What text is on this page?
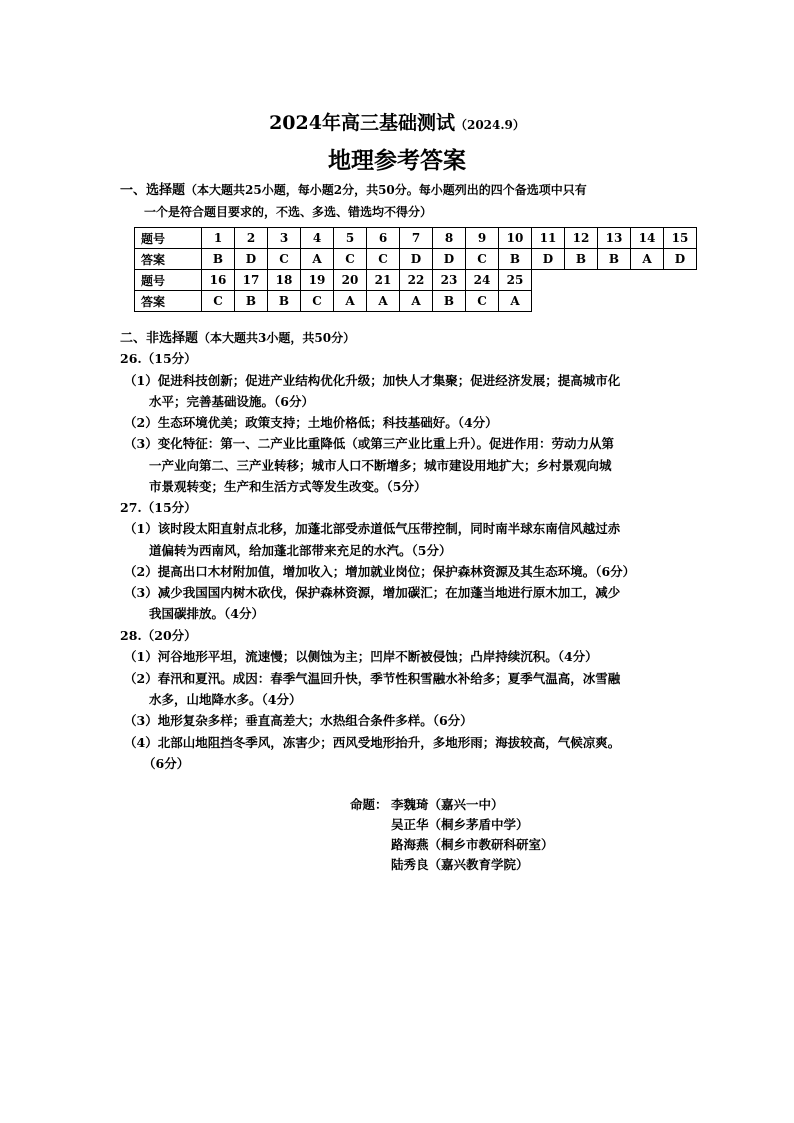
2024年高三基础测试（2024.9）
地理参考答案
一、选择题（本大题共25小题，每小题2分，共50分。每小题列出的四个备选项中只有
一个是符合题目要求的，不选、多选、错选均不得分）
题号	1	2	3	4	5	6	7	8	9	10	11	12	13	14	15
答案	B	D	C	A	C	C	D	D	C	B	D	B	B	A	D
题号	16	17	18	19	20	21	22	23	24	25
答案	C	B	B	C	A	A	A	B	C	A
二、非选择题（本大题共3小题，共50分）
26.（15分）
（1）促进科技创新；促进产业结构优化升级；加快人才集聚；促进经济发展；提高城市化
水平；完善基础设施。（6分）
（2）生态环境优美；政策支持；土地价格低；科技基础好。（4分）
（3）变化特征：第一、二产业比重降低（或第三产业比重上升）。促进作用：劳动力从第
一产业向第二、三产业转移；城市人口不断增多；城市建设用地扩大；乡村景观向城
市景观转变；生产和生活方式等发生改变。（5分）
27.（15分）
（1）该时段太阳直射点北移，加蓬北部受赤道低气压带控制，同时南半球东南信风越过赤
道偏转为西南风，给加蓬北部带来充足的水汽。（5分）
（2）提高出口木材附加值，增加收入；增加就业岗位；保护森林资源及其生态环境。（6分）
（3）减少我国国内树木砍伐，保护森林资源，增加碳汇；在加蓬当地进行原木加工，减少
我国碳排放。（4分）
28.（20分）
（1）河谷地形平坦，流速慢；以侧蚀为主；凹岸不断被侵蚀；凸岸持续沉积。（4分）
（2）春汛和夏汛。成因：春季气温回升快，季节性积雪融水补给多；夏季气温高，冰雪融
水多，山地降水多。（4分）
（3）地形复杂多样；垂直高差大；水热组合条件多样。（6分）
（4）北部山地阻挡冬季风，冻害少；西风受地形抬升，多地形雨；海拔较高，气候凉爽。
（6分）
命题： 李魏琦（嘉兴一中）
吴正华（桐乡茅盾中学）
路海燕（桐乡市教研科研室）
陆秀良（嘉兴教育学院）
